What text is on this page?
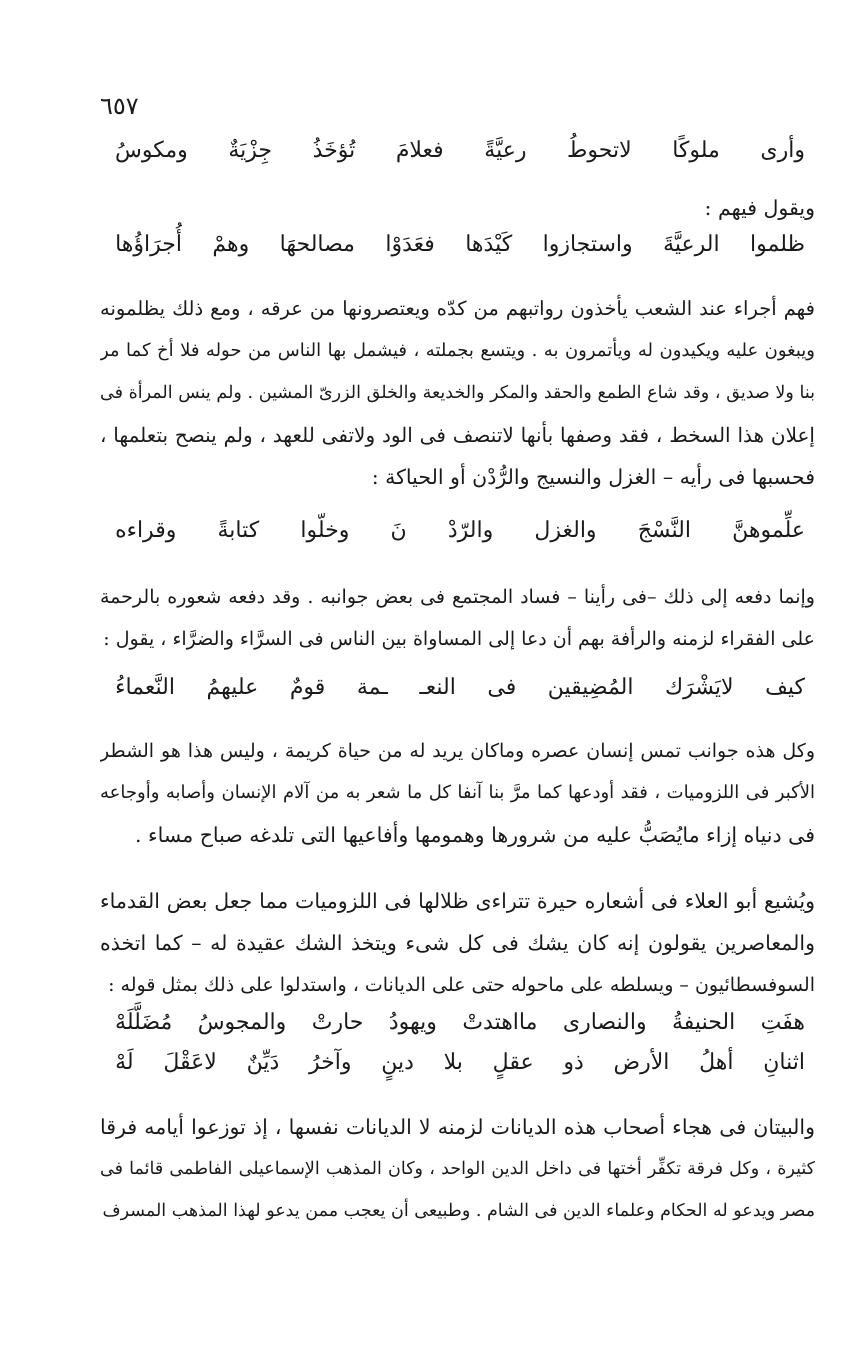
٦٥٧
وأرى
ملوكًا
لاتحوطُ
رعيَّةً
فعلامَ
تُؤخَذُ
جِزْيَةٌ
ومكوسُ
ويقول فيهم :
ظلموا
الرعيَّةَ
واستجازوا
كَيْدَها
فعَدَوْا
مصالحهَا
وهمْ
أُجرَاؤُها
فهم أجراء عند الشعب يأخذون رواتبهم من كدّه ويعتصرونها من عرقه ، ومع ذلك يظلمونه
ويبغون عليه ويكيدون له ويأتمرون به . ويتسع بجملته ، فيشمل بها الناس من حوله فلا أخ كما مر
بنا ولا صديق ، وقد شاع الطمع والحقد والمكر والخديعة والخلق الزرىّ المشين . ولم ينس المرأة فى
إعلان هذا السخط ، فقد وصفها بأنها لاتنصف فى الود ولاتفى للعهد ، ولم ينصح بتعلمها ،
فحسبها فى رأيه – الغزل والنسيج والرُّدْن أو الحياكة :
علِّموهنَّ
النَّسْجَ
والغزل
والرّدْ
نَ
وخلّوا
كتابةً
وقراءه
وإنما دفعه إلى ذلك –فى رأينا – فساد المجتمع فى بعض جوانبه . وقد دفعه شعوره بالرحمة
على الفقراء لزمنه والرأفة بهم أن دعا إلى المساواة بين الناس فى السرَّاء والضرَّاء ، يقول :
كيف
لايَشْرَك
المُضِيقين
فى
النعـ
ـمة
قومٌ
عليهمُ
النَّعماءُ
وكل هذه جوانب تمس إنسان عصره وماكان يريد له من حياة كريمة ، وليس هذا هو الشطر
الأكبر فى اللزوميات ، فقد أودعها كما مرَّ بنا آنفا كل ما شعر به من آلام الإنسان وأصابه وأوجاعه
فى دنياه إزاء مايُصَبُّ عليه من شرورها وهمومها وأفاعيها التى تلدغه صباح مساء .
ويُشيع أبو العلاء فى أشعاره حيرة تتراءى ظلالها فى اللزوميات مما جعل بعض القدماء
والمعاصرين يقولون إنه كان يشك فى كل شىء ويتخذ الشك عقيدة له – كما اتخذه
السوفسطائيون – ويسلطه على ماحوله حتى على الديانات ، واستدلوا على ذلك بمثل قوله :
هفَتِ
الحنيفةُ
والنصارى
مااهتدتْ
ويهودُ
حارتْ
والمجوسُ
مُضَلَّلَهْ
اثنانِ
أهلُ
الأرض
ذو
عقلٍ
بلا
دينٍ
وآخرُ
دَيِّنٌ
لاعَقْلَ
لَهْ
والبيتان فى هجاء أصحاب هذه الديانات لزمنه لا الديانات نفسها ، إذ توزعوا أيامه فرقا
كثيرة ، وكل فرقة تكفِّر أختها فى داخل الدين الواحد ، وكان المذهب الإسماعيلى الفاطمى قائما فى
مصر ويدعو له الحكام وعلماء الدين فى الشام . وطبيعى أن يعجب ممن يدعو لهذا المذهب المسرف
